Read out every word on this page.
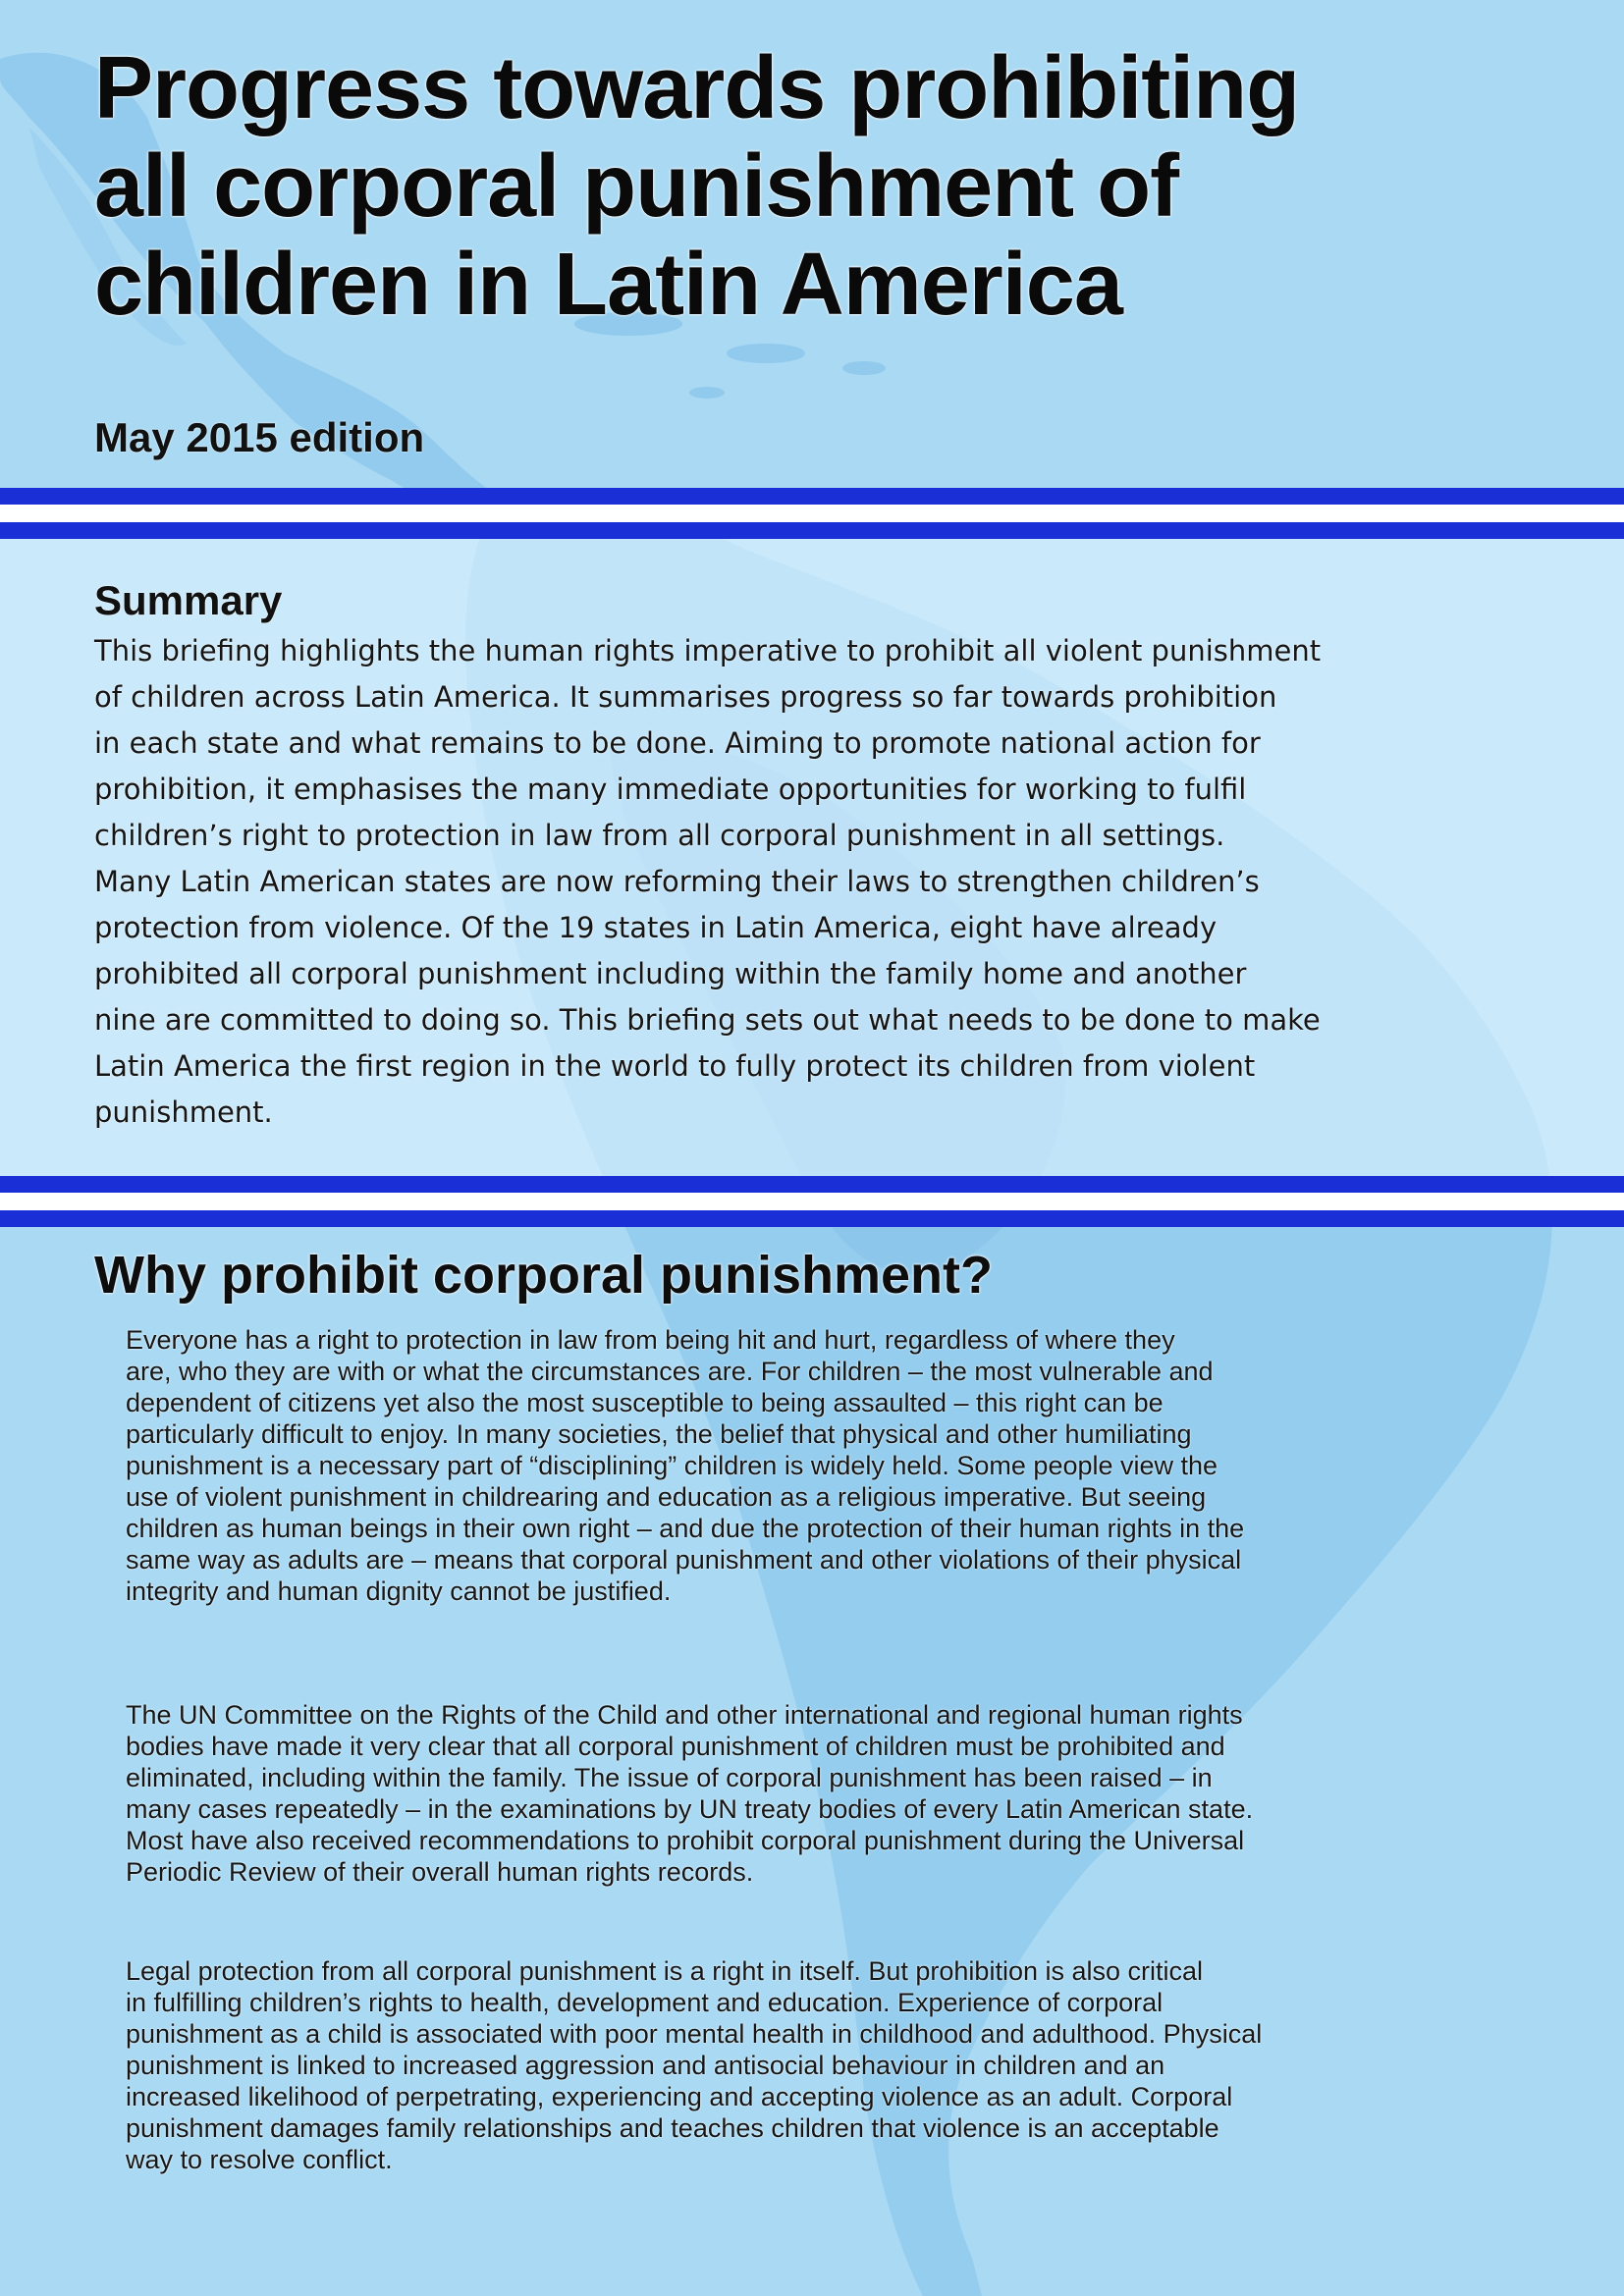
Progress towards prohibiting
all corporal punishment of
children in Latin America
May 2015 edition
Summary
This briefing highlights the human rights imperative to prohibit all violent punishment
of children across Latin America. It summarises progress so far towards prohibition
in each state and what remains to be done. Aiming to promote national action for
prohibition, it emphasises the many immediate opportunities for working to fulfil
children’s right to protection in law from all corporal punishment in all settings.
Many Latin American states are now reforming their laws to strengthen children’s
protection from violence. Of the 19 states in Latin America, eight have already
prohibited all corporal punishment including within the family home and another
nine are committed to doing so. This briefing sets out what needs to be done to make
Latin America the first region in the world to fully protect its children from violent
punishment.
Why prohibit corporal punishment?
Everyone has a right to protection in law from being hit and hurt, regardless of where they
are, who they are with or what the circumstances are. For children – the most vulnerable and
dependent of citizens yet also the most susceptible to being assaulted – this right can be
particularly difficult to enjoy. In many societies, the belief that physical and other humiliating
punishment is a necessary part of “disciplining” children is widely held. Some people view the
use of violent punishment in childrearing and education as a religious imperative. But seeing
children as human beings in their own right – and due the protection of their human rights in the
same way as adults are – means that corporal punishment and other violations of their physical
integrity and human dignity cannot be justified.
The UN Committee on the Rights of the Child and other international and regional human rights
bodies have made it very clear that all corporal punishment of children must be prohibited and
eliminated, including within the family. The issue of corporal punishment has been raised – in
many cases repeatedly – in the examinations by UN treaty bodies of every Latin American state.
Most have also received recommendations to prohibit corporal punishment during the Universal
Periodic Review of their overall human rights records.
Legal protection from all corporal punishment is a right in itself. But prohibition is also critical
in fulfilling children’s rights to health, development and education. Experience of corporal
punishment as a child is associated with poor mental health in childhood and adulthood. Physical
punishment is linked to increased aggression and antisocial behaviour in children and an
increased likelihood of perpetrating, experiencing and accepting violence as an adult. Corporal
punishment damages family relationships and teaches children that violence is an acceptable
way to resolve conflict.
